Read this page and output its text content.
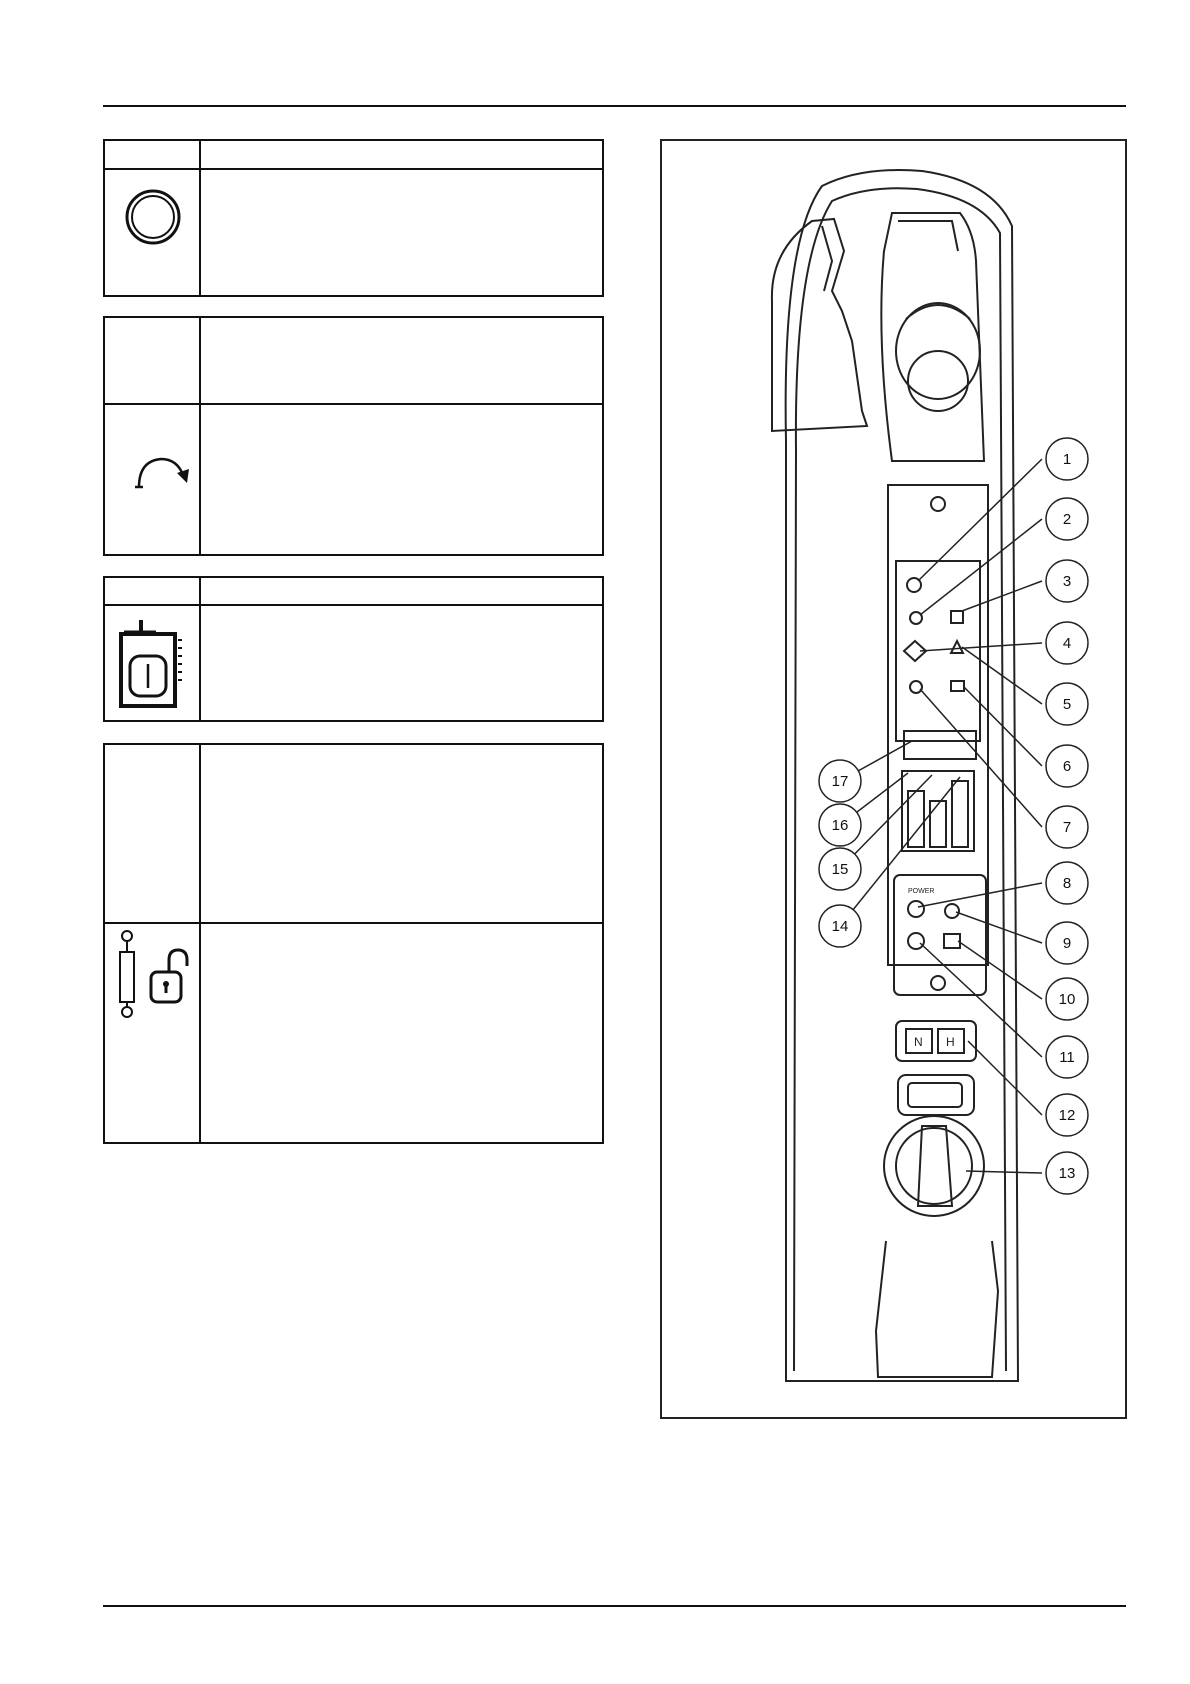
POWER
N H
1
2
3
4
5
6
7
8
9
10
11
12
13
14
15
16
17
